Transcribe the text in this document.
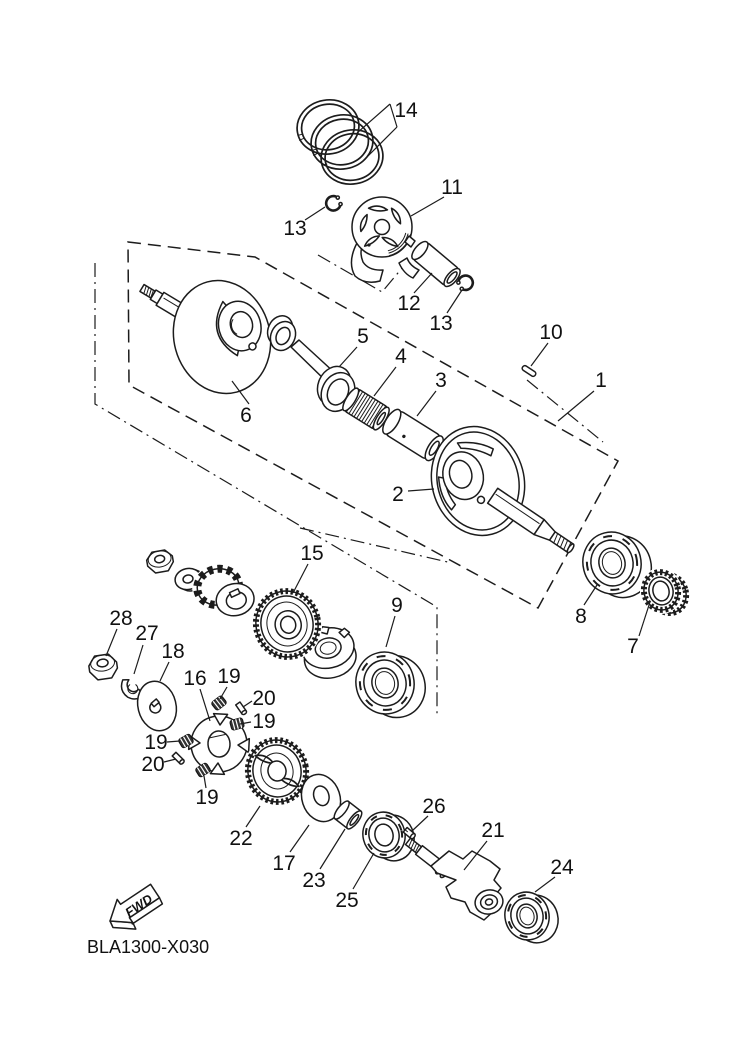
FWD
BLA1300-X030
14
11
13
12
13	10
1
5
4
3
6
2
8
7
15
9
28
27
18
16 19
20
19
19
20
19
22
17
23
25
26
21
24
